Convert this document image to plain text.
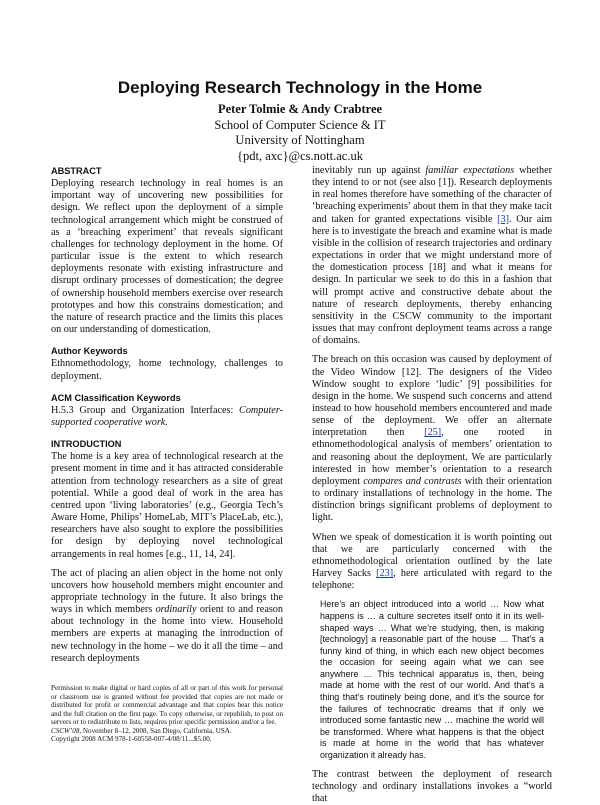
Deploying Research Technology in the Home
Peter Tolmie & Andy Crabtree
School of Computer Science & IT
University of Nottingham
{pdt, axc}@cs.nott.ac.uk
ABSTRACT

Deploying research technology in real homes is an important way of uncovering new possibilities for design. We reflect upon the deployment of a simple technological arrangement which might be construed of as a ‘breaching experiment’ that reveals significant challenges for technology deployment in the home. Of particular issue is the extent to which research deployments resonate with existing infrastructure and disrupt ordinary processes of domestication; the degree of ownership household members exercise over research prototypes and how this constrains domestication; and the nature of research practice and the limits this places on our understanding of domestication.

Author Keywords

Ethnomethodology, home technology, challenges to deployment.

ACM Classification Keywords

H.5.3 Group and Organization Interfaces: Computer-supported cooperative work.

INTRODUCTION

The home is a key area of technological research at the present moment in time and it has attracted considerable attention from technology researchers as a site of great potential. While a good deal of work in the area has centred upon ‘living laboratories’ (e.g., Georgia Tech’s Aware Home, Philips’ HomeLab, MIT’s PlaceLab, etc.), researchers have also sought to explore the possibilities for design by deploying novel technological arrangements in real homes [e.g., 11, 14, 24].

The act of placing an alien object in the home not only uncovers how household members might encounter and appropriate technology in the future. It also brings the ways in which members ordinarily orient to and reason about technology in the home into view. Household members are experts at managing the introduction of new technology in the home – we do it all the time – and research deployments

inevitably run up against familiar expectations whether they intend to or not (see also [1]). Research deployments in real homes therefore have something of the character of ‘breaching experiments’ about them in that they make tacit and taken for granted expectations visible [3]. Our aim here is to investigate the breach and examine what is made visible in the collision of research trajectories and ordinary expectations in order that we might understand more of the domestication process [18] and what it means for design. In particular we seek to do this in a fashion that will prompt active and constructive debate about the nature of research deployments, thereby enhancing sensitivity in the CSCW community to the important issues that may confront deployment teams across a range of domains.

The breach on this occasion was caused by deployment of the Video Window [12]. The designers of the Video Window sought to explore ‘ludic’ [9] possibilities for design in the home. We suspend such concerns and attend instead to how household members encountered and made sense of the deployment. We offer an alternate interpretation then [25], one rooted in ethnomethodological analysis of members’ orientation to and reasoning about the deployment. We are particularly interested in how member’s orientation to a research deployment compares and contrasts with their orientation to ordinary installations of technology in the home. The distinction brings significant problems of deployment to light.

When we speak of domestication it is worth pointing out that we are particularly concerned with the ethnomethodological orientation outlined by the late Harvey Sacks [23], here articulated with regard to the telephone:

Here’s an object introduced into a world … Now what happens is … a culture secretes itself onto it in its well-shaped ways … What we’re studying, then, is making [technology] a reasonable part of the house … That’s a funny kind of thing, in which each new object becomes the occasion for seeing again what we can see anywhere … This technical apparatus is, then, being made at home with the rest of our world. And that’s a thing that’s routinely being done, and it’s the source for the failures of technocratic dreams that if only we introduced some fantastic new … machine the world will be transformed. Where what happens is that the object is made at home in the world that has whatever organization it already has.

The contrast between the deployment of research technology and ordinary installations invokes a “world that

Permission to make digital or hard copies of all or part of this work for personal or classroom use is granted without fee provided that copies are not made or distributed for profit or commercial advantage and that copies bear this notice and the full citation on the first page. To copy otherwise, or republish, to post on servers or to redistribute to lists, requires prior specific permission and/or a fee.
CSCW’08, November 8–12, 2008, San Diego, California, USA.
Copyright 2008 ACM 978-1-60558-007-4/08/11...$5.00.
